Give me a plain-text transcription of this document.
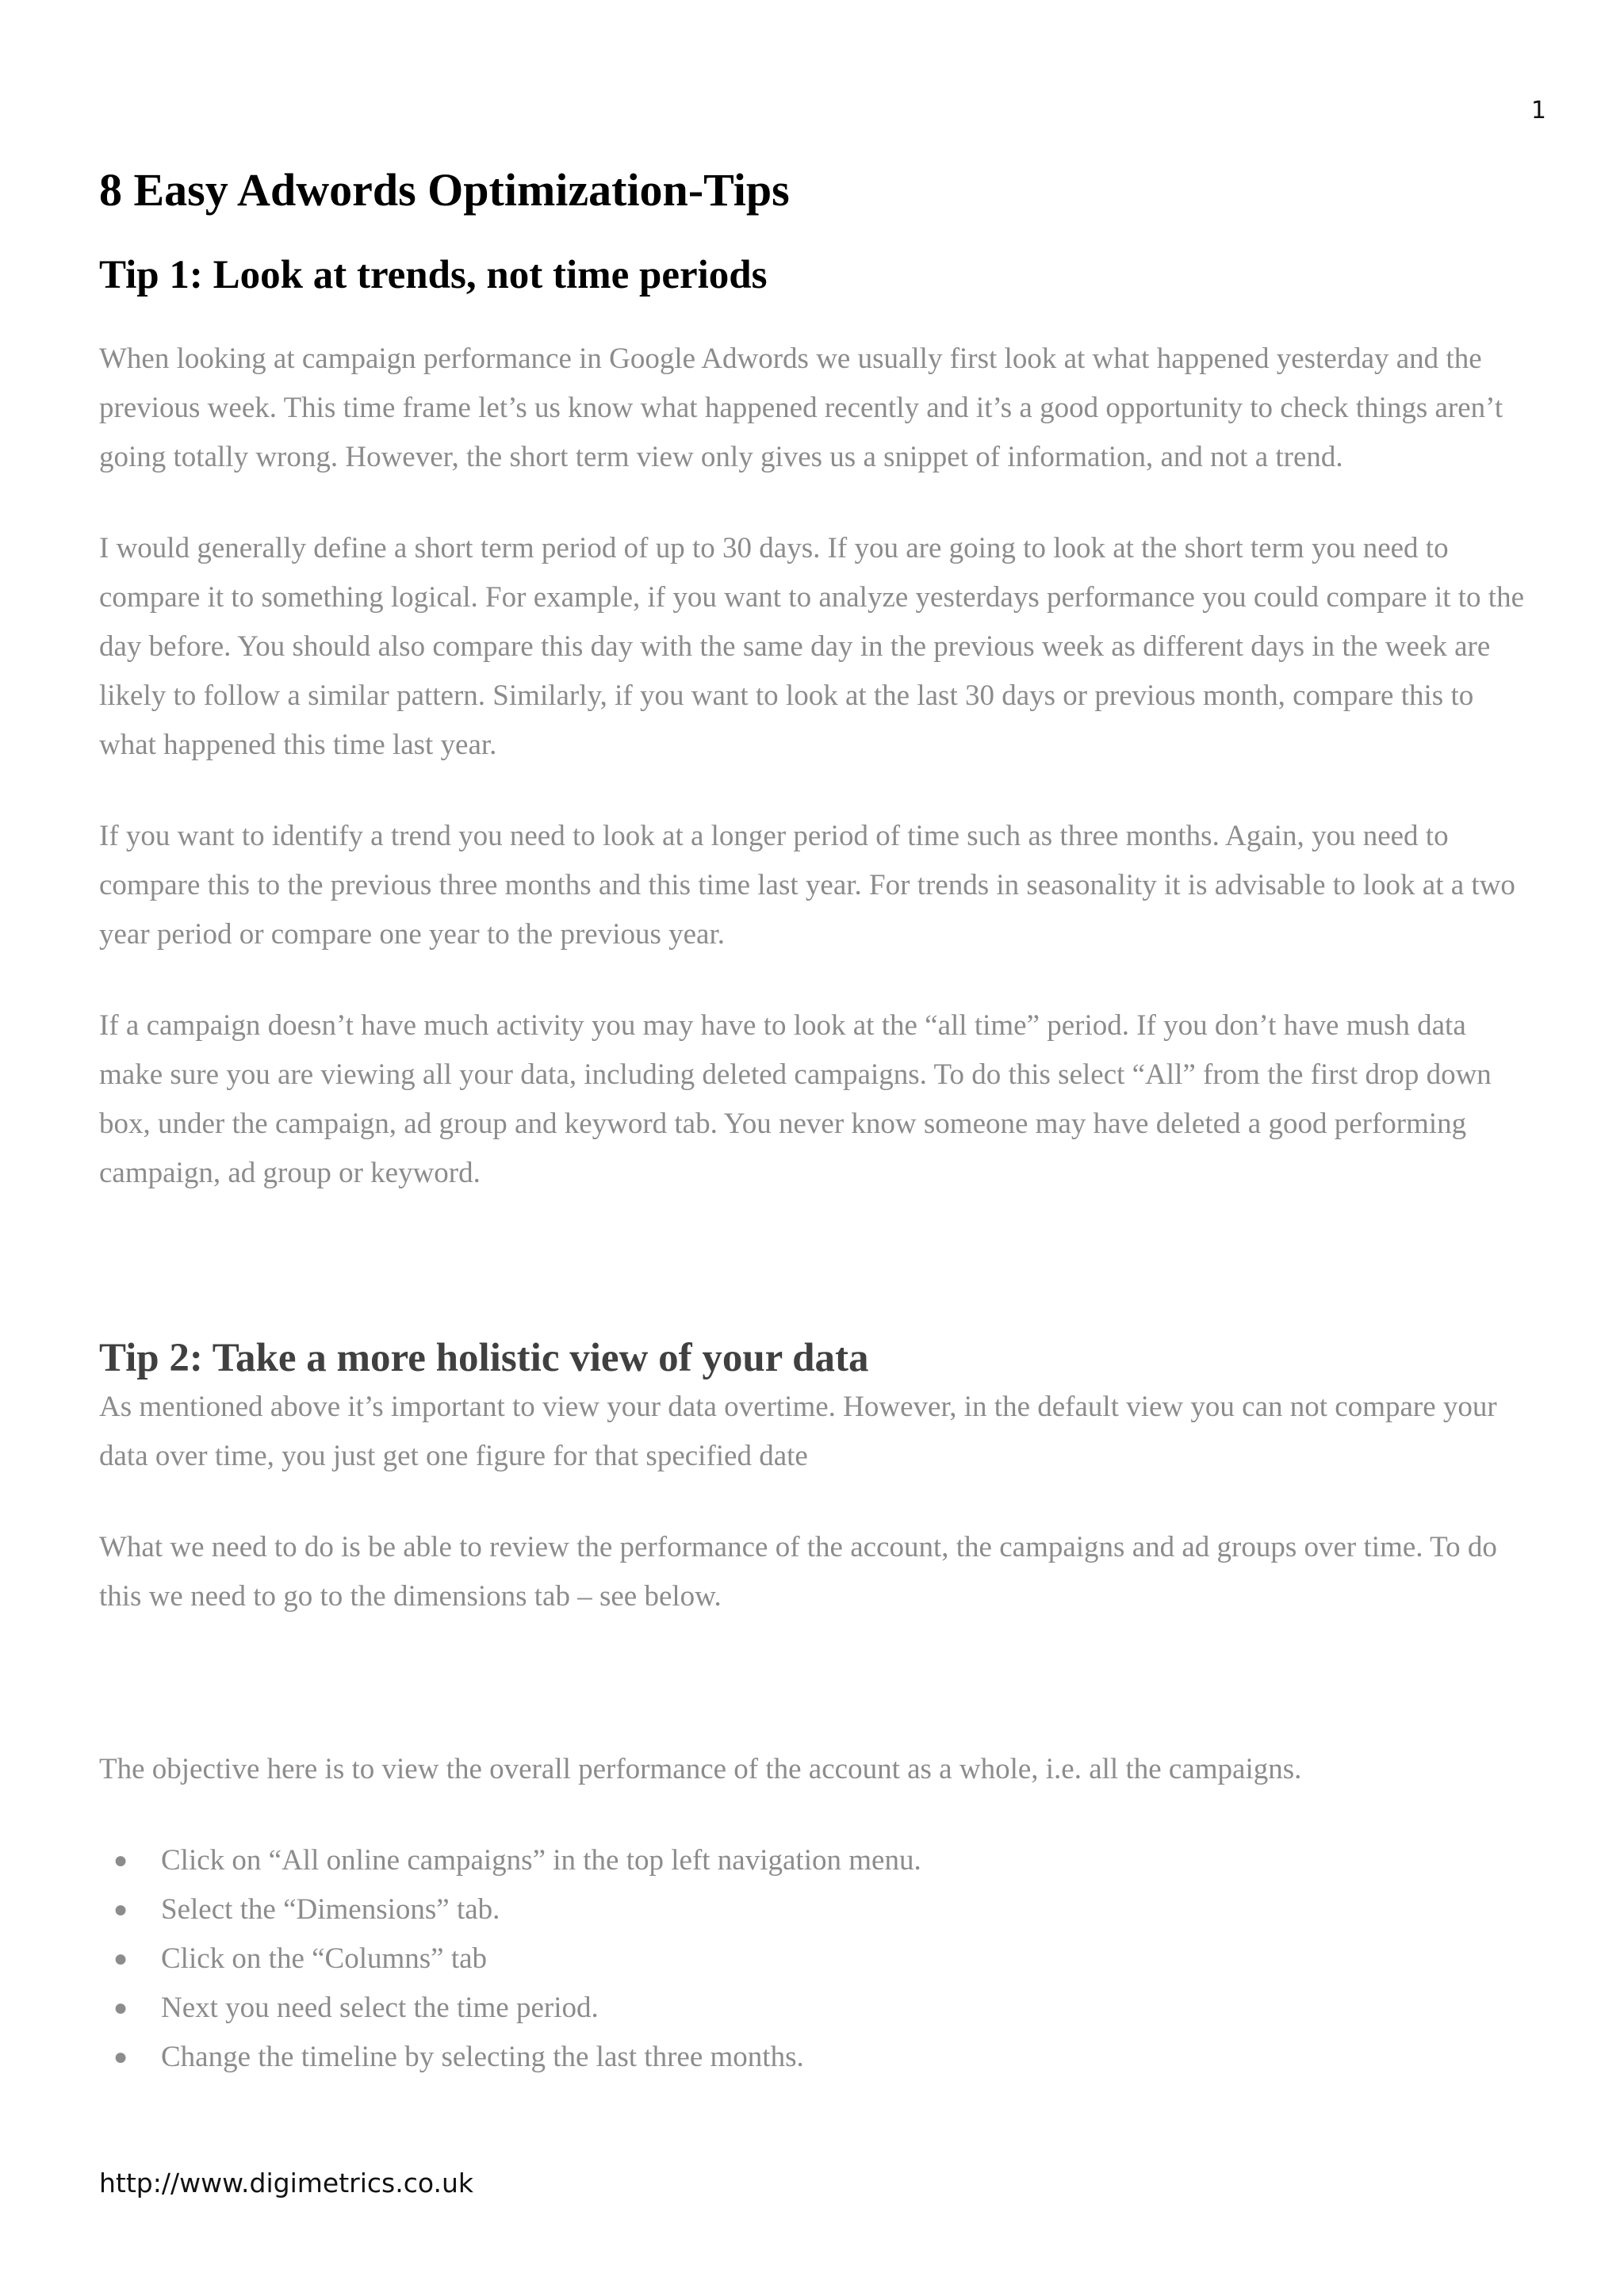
1
8 Easy Adwords Optimization-Tips
Tip 1: Look at trends, not time periods

When looking at campaign performance in Google Adwords we usually first look at what happened yesterday and the previous week. This time frame let’s us know what happened recently and it’s a good opportunity to check things aren’t going totally wrong. However, the short term view only gives us a snippet of information, and not a trend.

I would generally define a short term period of up to 30 days. If you are going to look at the short term you need to compare it to something logical. For example, if you want to analyze yesterdays performance you could compare it to the day before. You should also compare this day with the same day in the previous week as different days in the week are likely to follow a similar pattern. Similarly, if you want to look at the last 30 days or previous month, compare this to what happened this time last year.

If you want to identify a trend you need to look at a longer period of time such as three months. Again, you need to compare this to the previous three months and this time last year. For trends in seasonality it is advisable to look at a two year period or compare one year to the previous year.

If a campaign doesn’t have much activity you may have to look at the “all time” period. If you don’t have mush data make sure you are viewing all your data, including deleted campaigns. To do this select “All” from the first drop down box, under the campaign, ad group and keyword tab. You never know someone may have deleted a good performing campaign, ad group or keyword.

Tip 2: Take a more holistic view of your data

As mentioned above it’s important to view your data overtime. However, in the default view you can not compare your data over time, you just get one figure for that specified date

What we need to do is be able to review the performance of the account, the campaigns and ad groups over time. To do this we need to go to the dimensions tab – see below.

The objective here is to view the overall performance of the account as a whole, i.e. all the campaigns.

● Click on “All online campaigns” in the top left navigation menu.
● Select the “Dimensions” tab.
● Click on the “Columns” tab
● Next you need select the time period.
● Change the timeline by selecting the last three months.
http://www.digimetrics.co.uk
